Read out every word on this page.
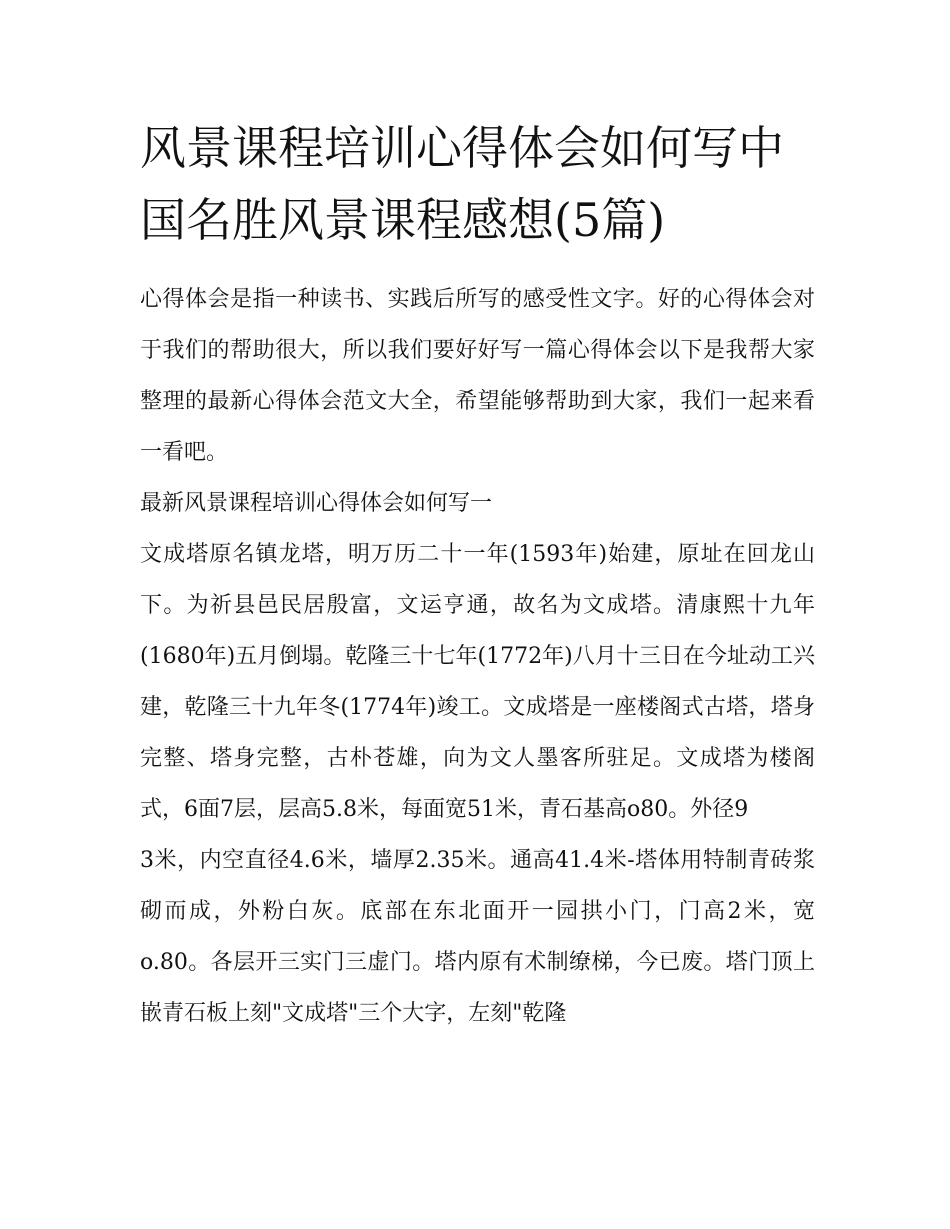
风景课程培训心得体会如何写中国名胜风景课程感想(5篇)

心得体会是指一种读书、实践后所写的感受性文字。好的心得体会对于我们的帮助很大，所以我们要好好写一篇心得体会以下是我帮大家整理的最新心得体会范文大全，希望能够帮助到大家，我们一起来看一看吧。

最新风景课程培训心得体会如何写一

文成塔原名镇龙塔，明万历二十一年(1593年)始建，原址在回龙山下。为祈县邑民居殷富，文运亨通，故名为文成塔。清康熙十九年(1680年)五月倒塌。乾隆三十七年(1772年)八月十三日在今址动工兴建，乾隆三十九年冬(1774年)竣工。文成塔是一座楼阁式古塔，塔身完整、塔身完整，古朴苍雄，向为文人墨客所驻足。文成塔为楼阁式，6面7层，层高5.8米，每面宽51米，青石基高o80。外径9

3米，内空直径4.6米，墙厚2.35米。通高41.4米-塔体用特制青砖浆砌而成，外粉白灰。底部在东北面开一园拱小门，门高2米，宽o.80。各层开三实门三虚门。塔内原有术制缭梯，今已废。塔门顶上嵌青石板上刻"文成塔"三个大字，左刻"乾隆
